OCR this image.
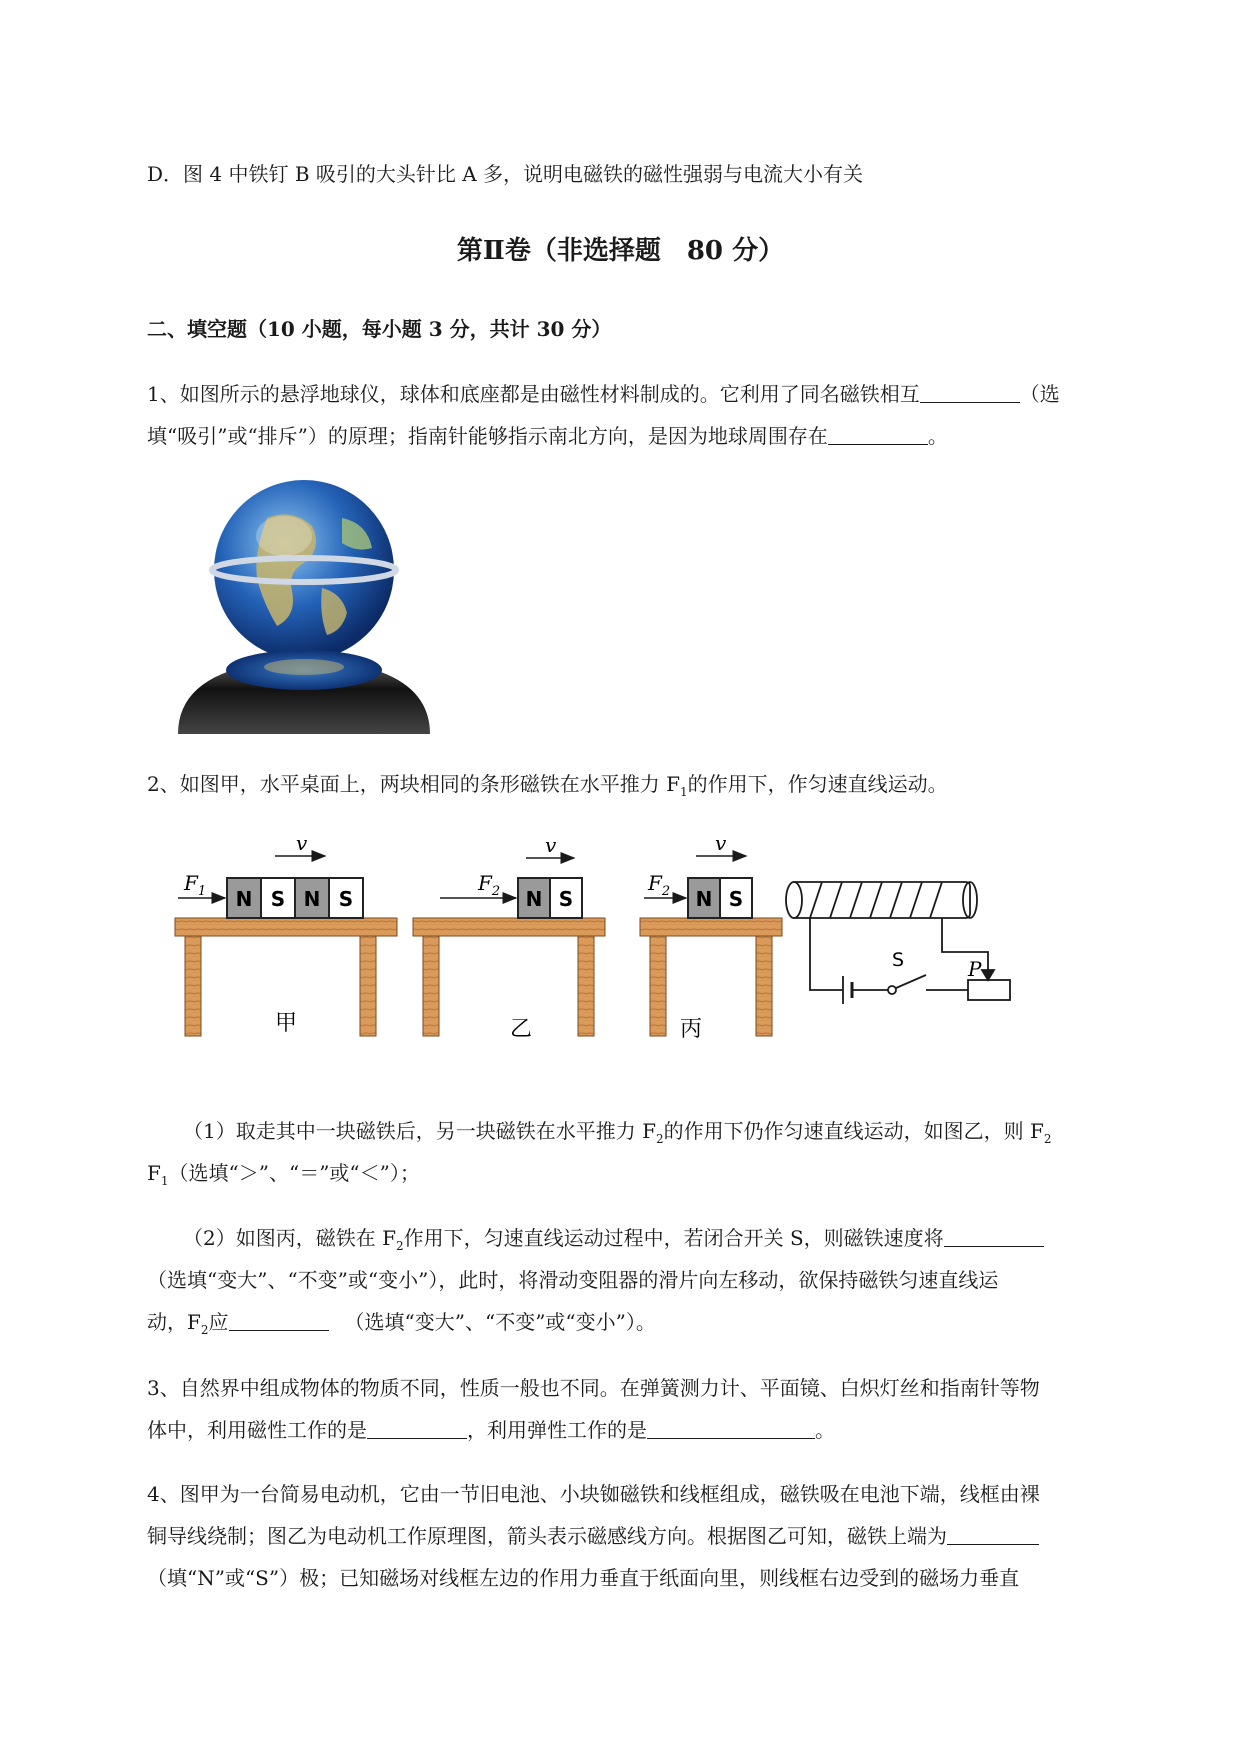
D．图 4 中铁钉 B 吸引的大头针比 A 多，说明电磁铁的磁性强弱与电流大小有关
第Ⅱ卷（非选择题　80 分）
二、填空题（10 小题，每小题 3 分，共计 30 分）
1、如图所示的悬浮地球仪，球体和底座都是由磁性材料制成的。它利用了同名磁铁相互	（选
填“吸引”或“排斥”）的原理；指南针能够指示南北方向，是因为地球周围存在	。
2、如图甲，水平桌面上，两块相同的条形磁铁在水平推力 $F_1$的作用下，作匀速直线运动。
N S N S
$F_1$
v
甲
N S
$F_2$
v
乙
N S
$F_2$
v
丙
S	P
（1）取走其中一块磁铁后，另一块磁铁在水平推力 $F_2$的作用下仍作匀速直线运动，如图乙，则 $F_2$
$F_1$（选填“＞”、“＝”或“＜”）；
（2）如图丙，磁铁在 $F_2$作用下，匀速直线运动过程中，若闭合开关 S，则磁铁速度将
（选填“变大”、“不变”或“变小”），此时，将滑动变阻器的滑片向左移动，欲保持磁铁匀速直线运
动，$F_2$应	（选填“变大”、“不变”或“变小”）。
3、自然界中组成物体的物质不同，性质一般也不同。在弹簧测力计、平面镜、白炽灯丝和指南针等物
体中，利用磁性工作的是	，利用弹性工作的是	。
4、图甲为一台简易电动机，它由一节旧电池、小块铷磁铁和线框组成，磁铁吸在电池下端，线框由裸
铜导线绕制；图乙为电动机工作原理图，箭头表示磁感线方向。根据图乙可知，磁铁上端为
（填“N”或“S”）极；已知磁场对线框左边的作用力垂直于纸面向里，则线框右边受到的磁场力垂直
